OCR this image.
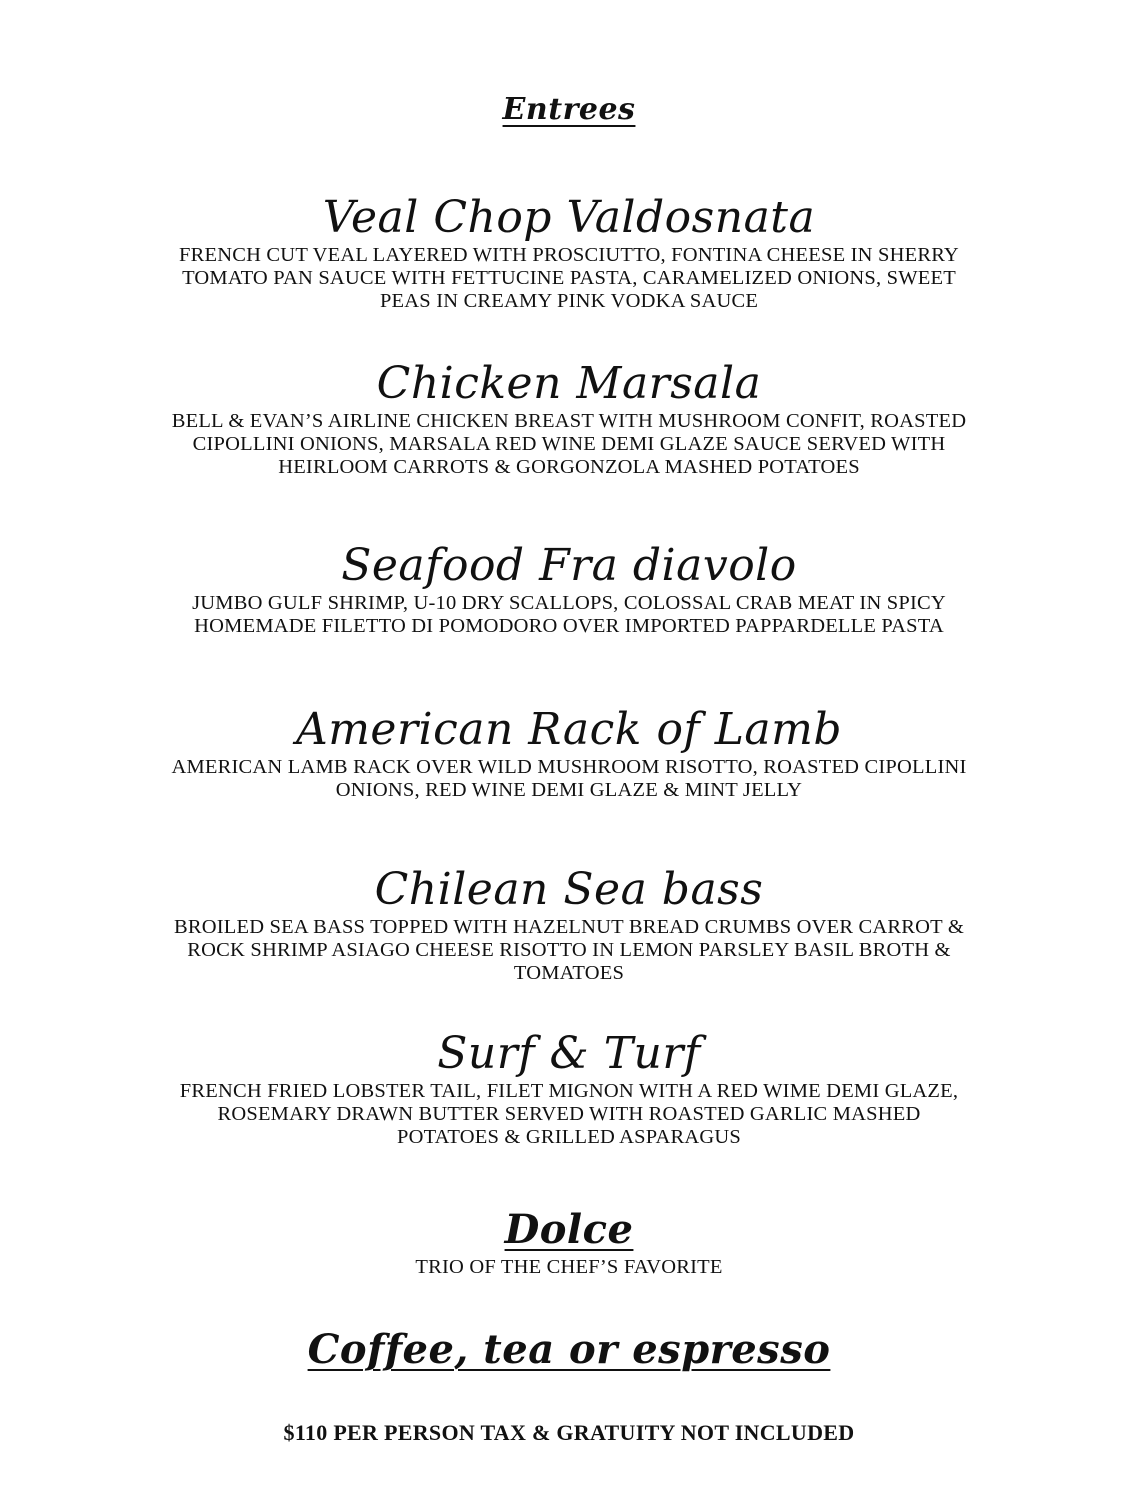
Entrees
Veal Chop Valdosnata
FRENCH CUT VEAL LAYERED WITH PROSCIUTTO, FONTINA CHEESE IN SHERRY
TOMATO PAN SAUCE WITH FETTUCINE PASTA, CARAMELIZED ONIONS, SWEET
PEAS IN CREAMY PINK VODKA SAUCE
Chicken Marsala
BELL & EVAN’S AIRLINE CHICKEN BREAST WITH MUSHROOM CONFIT, ROASTED
CIPOLLINI ONIONS, MARSALA RED WINE DEMI GLAZE SAUCE SERVED WITH
HEIRLOOM CARROTS & GORGONZOLA MASHED POTATOES
Seafood Fra diavolo
JUMBO GULF SHRIMP, U-10 DRY SCALLOPS, COLOSSAL CRAB MEAT IN SPICY
HOMEMADE FILETTO DI POMODORO OVER IMPORTED PAPPARDELLE PASTA
American Rack of Lamb
AMERICAN LAMB RACK OVER WILD MUSHROOM RISOTTO, ROASTED CIPOLLINI
ONIONS, RED WINE DEMI GLAZE & MINT JELLY
Chilean Sea bass
BROILED SEA BASS TOPPED WITH HAZELNUT BREAD CRUMBS OVER CARROT &
ROCK SHRIMP ASIAGO CHEESE RISOTTO IN LEMON PARSLEY BASIL BROTH &
TOMATOES
Surf & Turf
FRENCH FRIED LOBSTER TAIL, FILET MIGNON WITH A RED WIME DEMI GLAZE,
ROSEMARY DRAWN BUTTER SERVED WITH ROASTED GARLIC MASHED
POTATOES & GRILLED ASPARAGUS
Dolce
TRIO OF THE CHEF’S FAVORITE
Coffee, tea or espresso
$110 PER PERSON TAX & GRATUITY NOT INCLUDED
